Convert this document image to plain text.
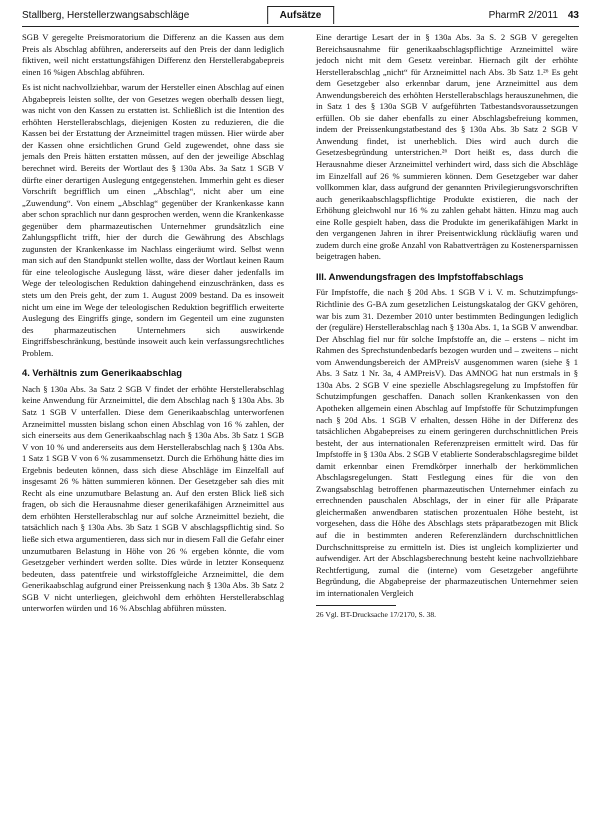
Stallberg, Herstellerzwangsabschläge	Aufsätze	PharmR 2/2011 43

SGB V geregelte Preismoratorium die Differenz an die Kassen aus dem Preis als Abschlag abführen, andererseits auf den Preis der dann lediglich fiktiven, weil nicht erstattungsfähigen Differenz den Herstellerabgabepreis einen 16 %igen Abschlag abführen.

Es ist nicht nachvollziehbar, warum der Hersteller einen Abschlag auf einen Abgabepreis leisten sollte, der von Gesetzes wegen oberhalb dessen liegt, was nicht von den Kassen zu erstatten ist. Schließlich ist die Intention des erhöhten Herstellerabschlags, diejenigen Kosten zu reduzieren, die die Kassen bei der Erstattung der Arzneimittel tragen müssen. Hier würde aber der Kassen ohne ersichtlichen Grund Geld zugewendet, ohne dass sie jemals den Preis hätten erstatten müssen, auf den der jeweilige Abschlag berechnet wird. Bereits der Wortlaut des § 130a Abs. 3a Satz 1 SGB V dürfte einer derartigen Auslegung entgegenstehen. Immerhin geht es dieser Vorschrift begrifflich um einen „Abschlag“, nicht aber um eine „Zuwendung“. Von einem „Abschlag“ gegenüber der Krankenkasse kann aber schon sprachlich nur dann gesprochen werden, wenn die Krankenkasse gegenüber dem pharmazeutischen Unternehmer grundsätzlich eine Zahlungspflicht trifft, hier der durch die Gewährung des Abschlags zugunsten der Krankenkasse im Nachlass eingeräumt wird. Selbst wenn man sich auf den Standpunkt stellen wollte, dass der Wortlaut keinen Raum für eine teleologische Auslegung lässt, wäre dieser daher jedenfalls im Wege der teleologischen Reduktion dahingehend einzuschränken, dass es stets um den Preis geht, der zum 1. August 2009 bestand. Da es insoweit nicht um eine im Wege der teleologischen Reduktion begrifflich erweiterte Auslegung des Eingriffs ginge, sondern im Gegenteil um eine zugunsten des pharmazeutischen Unternehmers sich auswirkende Eingriffsbeschränkung, bestünde insoweit auch kein verfassungsrechtliches Problem.

4. Verhältnis zum Generikaabschlag

Nach § 130a Abs. 3a Satz 2 SGB V findet der erhöhte Herstellerabschlag keine Anwendung für Arzneimittel, die dem Abschlag nach § 130a Abs. 3b Satz 1 SGB V unterfallen. Diese dem Generikaabschlag unterworfenen Arzneimittel mussten bislang schon einen Abschlag von 16 % zahlen, der sich einerseits aus dem Generikaabschlag nach § 130a Abs. 3b Satz 1 SGB V von 10 % und andererseits aus dem Herstellerabschlag nach § 130a Abs. 1 Satz 1 SGB V von 6 % zusammensetzt. Durch die Erhöhung hätte dies im Ergebnis bedeuten können, dass sich diese Abschläge im Einzelfall auf insgesamt 26 % hätten summieren können. Der Gesetzgeber sah dies mit Recht als eine unzumutbare Belastung an. Auf den ersten Blick ließ sich fragen, ob sich die Herausnahme dieser generikafähigen Arzneimittel aus dem erhöhten Herstellerabschlag nur auf solche Arzneimittel bezieht, die tatsächlich nach § 130a Abs. 3b Satz 1 SGB V abschlagspflichtig sind. So ließe sich etwa argumentieren, dass sich nur in diesem Fall die Gefahr einer unzumutbaren Belastung in Höhe von 26 % ergeben könnte, die vom Gesetzgeber verhindert werden sollte. Dies würde in letzter Konsequenz bedeuten, dass patentfreie und wirkstoffgleiche Arzneimittel, die dem Generikaabschlag aufgrund einer Preissenkung nach § 130a Abs. 3b Satz 2 SGB V nicht unterliegen, gleichwohl dem erhöhten Herstellerabschlag unterworfen würden und 16 % Abschlag abführen müssten.

Eine derartige Lesart der in § 130a Abs. 3a S. 2 SGB V geregelten Bereichsausnahme für generikaabschlagspflichtige Arzneimittel wäre jedoch nicht mit dem Gesetz vereinbar. Hiernach gilt der erhöhte Herstellerabschlag „nicht“ für Arzneimittel nach Abs. 3b Satz 1.²⁶ Es geht dem Gesetzgeber also erkennbar darum, jene Arzneimittel aus dem Anwendungsbereich des erhöhten Herstellerabschlags herauszunehmen, die in Satz 1 des § 130a SGB V aufgeführten Tatbestandsvoraussetzungen erfüllen. Ob sie daher ebenfalls zu einer Abschlagsbefreiung kommen, indem der Preissenkungstatbestand des § 130a Abs. 3b Satz 2 SGB V Anwendung findet, ist unerheblich. Dies wird auch durch die Gesetzesbegründung unterstrichen.²⁶ Dort heißt es, dass durch die Herausnahme dieser Arzneimittel verhindert wird, dass sich die Abschläge im Einzelfall auf 26 % summieren können. Dem Gesetzgeber war daher vollkommen klar, dass aufgrund der genannten Privilegierungsvorschriften auch generikaabschlagspflichtige Produkte existieren, die nach der Erhöhung gleichwohl nur 16 % zu zahlen gehabt hätten. Hinzu mag auch eine Rolle gespielt haben, dass die Produkte im generikafähigen Markt in den vergangenen Jahren in ihrer Preisentwicklung rückläufig waren und zudem durch eine große Anzahl von Rabattverträgen zu Kostenersparnissen beigetragen haben.

III. Anwendungsfragen des Impfstoffabschlags

Für Impfstoffe, die nach § 20d Abs. 1 SGB V i. V. m. Schutzimpfungs-Richtlinie des G-BA zum gesetzlichen Leistungskatalog der GKV gehören, war bis zum 31. Dezember 2010 unter bestimmten Bedingungen lediglich der (reguläre) Herstellerabschlag nach § 130a Abs. 1, 1a SGB V anwendbar. Der Abschlag fiel nur für solche Impfstoffe an, die – erstens – nicht im Rahmen des Sprechstundenbedarfs bezogen wurden und – zweitens – nicht vom Anwendungsbereich der AMPreisV ausgenommen waren (siehe § 1 Abs. 3 Satz 1 Nr. 3a, 4 AMPreisV). Das AMNOG hat nun erstmals in § 130a Abs. 2 SGB V eine spezielle Abschlagsregelung zu Impfstoffen für Schutzimpfungen geschaffen. Danach sollen Krankenkassen von den Apotheken allgemein einen Abschlag auf Impfstoffe für Schutzimpfungen nach § 20d Abs. 1 SGB V erhalten, dessen Höhe in der Differenz des tatsächlichen Abgabepreises zu einem geringeren durchschnittlichen Preis besteht, der aus internationalen Referenzpreisen ermittelt wird. Das für Impfstoffe in § 130a Abs. 2 SGB V etablierte Sonderabschlagsregime bildet damit erkennbar einen Fremdkörper innerhalb der herkömmlichen Abschlagsregelungen. Statt Festlegung eines für die von den Zwangsabschlag betroffenen pharmazeutischen Unternehmer einfach zu errechnenden pauschalen Abschlags, der in einer für alle Präparate gleichermaßen anwendbaren statischen prozentualen Höhe besteht, ist vorgesehen, dass die Höhe des Abschlags stets präparatbezogen mit Blick auf die in bestimmten anderen Referenzländern durchschnittlichen Durchschnittspreise zu ermitteln ist. Dies ist ungleich komplizierter und aufwendiger. Art der Abschlagsberechnung besteht keine nachvollziehbare Rechtfertigung, zumal die (interne) vom Gesetzgeber angeführte Begründung, die Abgabepreise der pharmazeutischen Unternehmer seien im internationalen Vergleich

26 Vgl. BT-Drucksache 17/2170, S. 38.
